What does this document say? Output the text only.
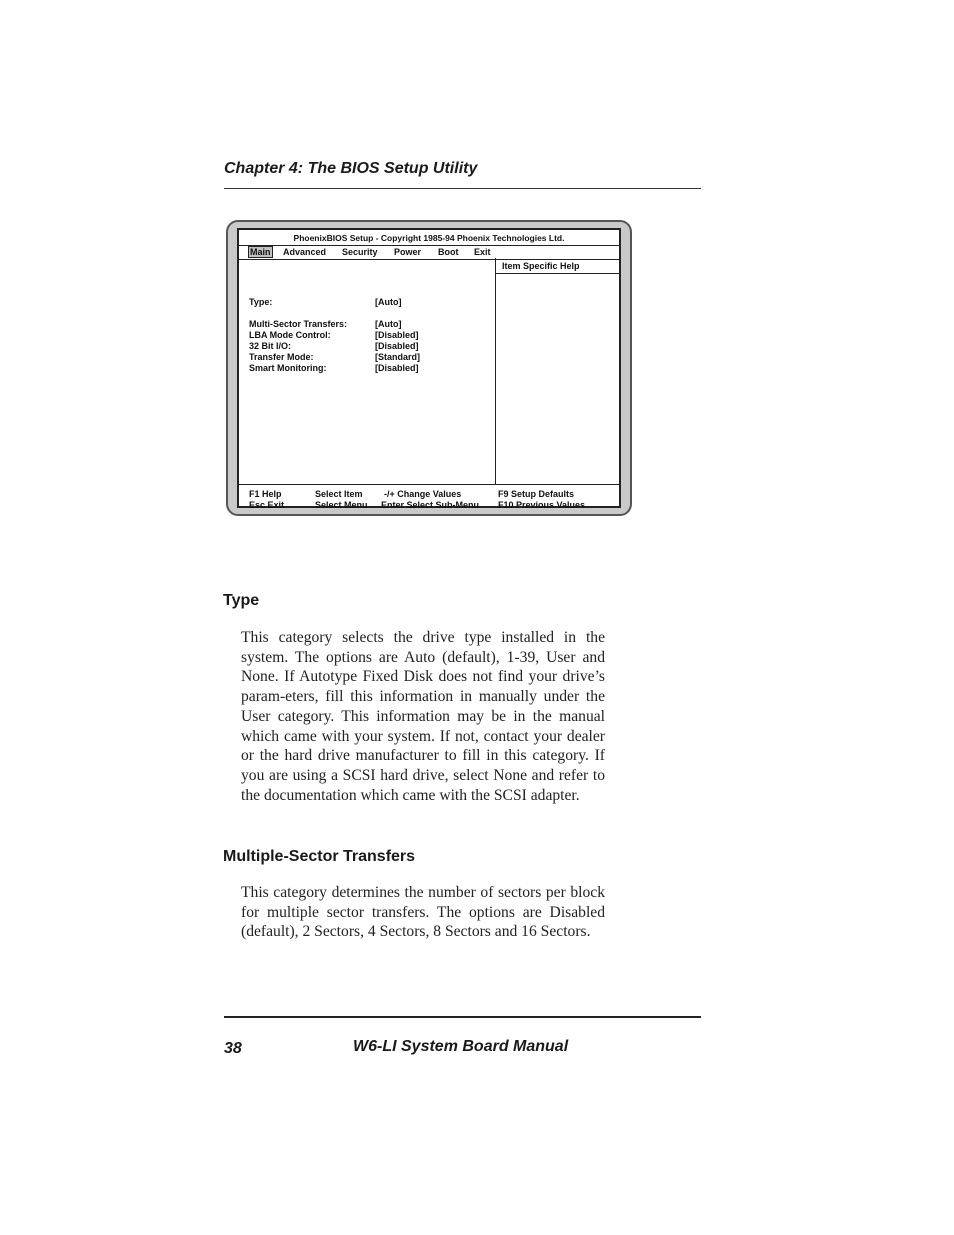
Chapter 4: The BIOS Setup Utility
PhoenixBIOS Setup - Copyright 1985-94 Phoenix Technologies Ltd.
Main Advanced Security Power Boot Exit
Item Specific Help
Type:	[Auto]
Multi-Sector Transfers:	[Auto]
LBA Mode Control:	[Disabled]
32 Bit I/O:	[Disabled]
Transfer Mode:	[Standard]
Smart Monitoring:	[Disabled]
F1 Help	Select Item -/+ Change Values	F9 Setup Defaults
Esc Exit	Select Menu Enter Select Sub-Menu F10 Previous Values
Type
This category selects the drive type installed in the system. The options are Auto (default), 1-39, User and None. If Autotype Fixed Disk does not find your drive’s param-eters, fill this information in manually under the User category. This information may be in the manual which came with your system. If not, contact your dealer or the hard drive manufacturer to fill in this category. If you are using a SCSI hard drive, select None and refer to the documentation which came with the SCSI adapter.
Multiple-Sector Transfers
This category determines the number of sectors per block for multiple sector transfers. The options are Disabled (default), 2 Sectors, 4 Sectors, 8 Sectors and 16 Sectors.
38	W6-LI System Board Manual
